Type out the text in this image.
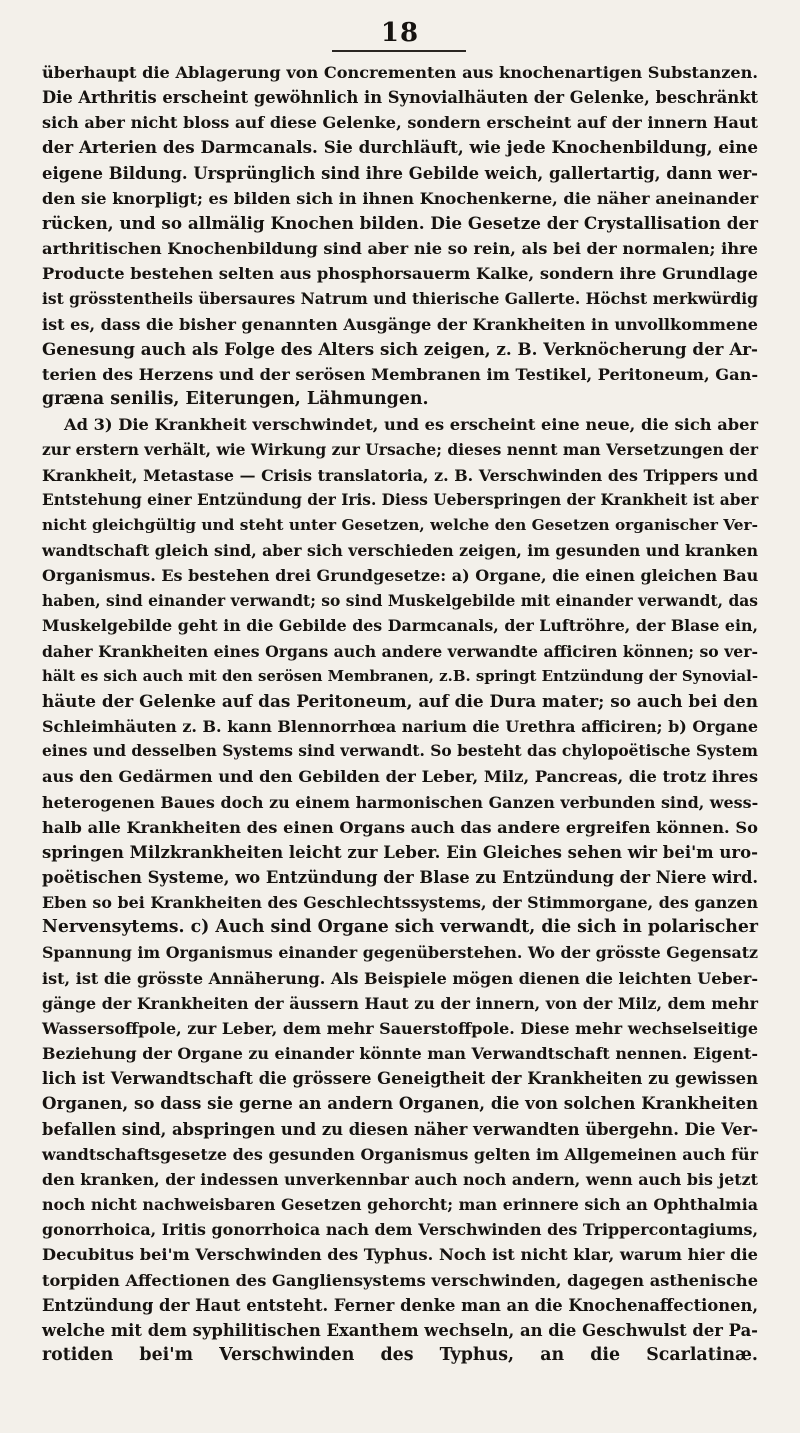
18
überhaupt die Ablagerung von Concrementen aus knochenartigen Substanzen.
Die Arthritis erscheint gewöhnlich in Synovialhäuten der Gelenke, beschränkt
sich aber nicht bloss auf diese Gelenke, sondern erscheint auf der innern Haut
der Arterien des Darmcanals. Sie durchläuft, wie jede Knochenbildung, eine
eigene Bildung. Ursprünglich sind ihre Gebilde weich, gallertartig, dann wer-
den sie knorpligt; es bilden sich in ihnen Knochenkerne, die näher aneinander
rücken, und so allmälig Knochen bilden. Die Gesetze der Crystallisation der
arthritischen Knochenbildung sind aber nie so rein, als bei der normalen; ihre
Producte bestehen selten aus phosphorsauerm Kalke, sondern ihre Grundlage
ist grösstentheils übersaures Natrum und thierische Gallerte. Höchst merkwürdig
ist es, dass die bisher genannten Ausgänge der Krankheiten in unvollkommene
Genesung auch als Folge des Alters sich zeigen, z. B. Verknöcherung der Ar-
terien des Herzens und der serösen Membranen im Testikel, Peritoneum, Gan-
græna senilis, Eiterungen, Lähmungen.
Ad 3) Die Krankheit verschwindet, und es erscheint eine neue, die sich aber
zur erstern verhält, wie Wirkung zur Ursache; dieses nennt man Versetzungen der
Krankheit, Metastase — Crisis translatoria, z. B. Verschwinden des Trippers und
Entstehung einer Entzündung der Iris. Diess Ueberspringen der Krankheit ist aber
nicht gleichgültig und steht unter Gesetzen, welche den Gesetzen organischer Ver-
wandtschaft gleich sind, aber sich verschieden zeigen, im gesunden und kranken
Organismus. Es bestehen drei Grundgesetze: a) Organe, die einen gleichen Bau
haben, sind einander verwandt; so sind Muskelgebilde mit einander verwandt, das
Muskelgebilde geht in die Gebilde des Darmcanals, der Luftröhre, der Blase ein,
daher Krankheiten eines Organs auch andere verwandte afficiren können; so ver-
hält es sich auch mit den serösen Membranen, z.B. springt Entzündung der Synovial-
häute der Gelenke auf das Peritoneum, auf die Dura mater; so auch bei den
Schleimhäuten z. B. kann Blennorrhœa narium die Urethra afficiren; b) Organe
eines und desselben Systems sind verwandt. So besteht das chylopoëtische System
aus den Gedärmen und den Gebilden der Leber, Milz, Pancreas, die trotz ihres
heterogenen Baues doch zu einem harmonischen Ganzen verbunden sind, wess-
halb alle Krankheiten des einen Organs auch das andere ergreifen können. So
springen Milzkrankheiten leicht zur Leber. Ein Gleiches sehen wir bei'm uro-
poëtischen Systeme, wo Entzündung der Blase zu Entzündung der Niere wird.
Eben so bei Krankheiten des Geschlechtssystems, der Stimmorgane, des ganzen
Nervensytems. c) Auch sind Organe sich verwandt, die sich in polarischer
Spannung im Organismus einander gegenüberstehen. Wo der grösste Gegensatz
ist, ist die grösste Annäherung. Als Beispiele mögen dienen die leichten Ueber-
gänge der Krankheiten der äussern Haut zu der innern, von der Milz, dem mehr
Wassersoffpole, zur Leber, dem mehr Sauerstoffpole. Diese mehr wechselseitige
Beziehung der Organe zu einander könnte man Verwandtschaft nennen. Eigent-
lich ist Verwandtschaft die grössere Geneigtheit der Krankheiten zu gewissen
Organen, so dass sie gerne an andern Organen, die von solchen Krankheiten
befallen sind, abspringen und zu diesen näher verwandten übergehn. Die Ver-
wandtschaftsgesetze des gesunden Organismus gelten im Allgemeinen auch für
den kranken, der indessen unverkennbar auch noch andern, wenn auch bis jetzt
noch nicht nachweisbaren Gesetzen gehorcht; man erinnere sich an Ophthalmia
gonorrhoica, Iritis gonorrhoica nach dem Verschwinden des Trippercontagiums,
Decubitus bei'm Verschwinden des Typhus. Noch ist nicht klar, warum hier die
torpiden Affectionen des Gangliensystems verschwinden, dagegen asthenische
Entzündung der Haut entsteht. Ferner denke man an die Knochenaffectionen,
welche mit dem syphilitischen Exanthem wechseln, an die Geschwulst der Pa-
rotiden bei'm Verschwinden des Typhus, an die Scarlatinæ.
